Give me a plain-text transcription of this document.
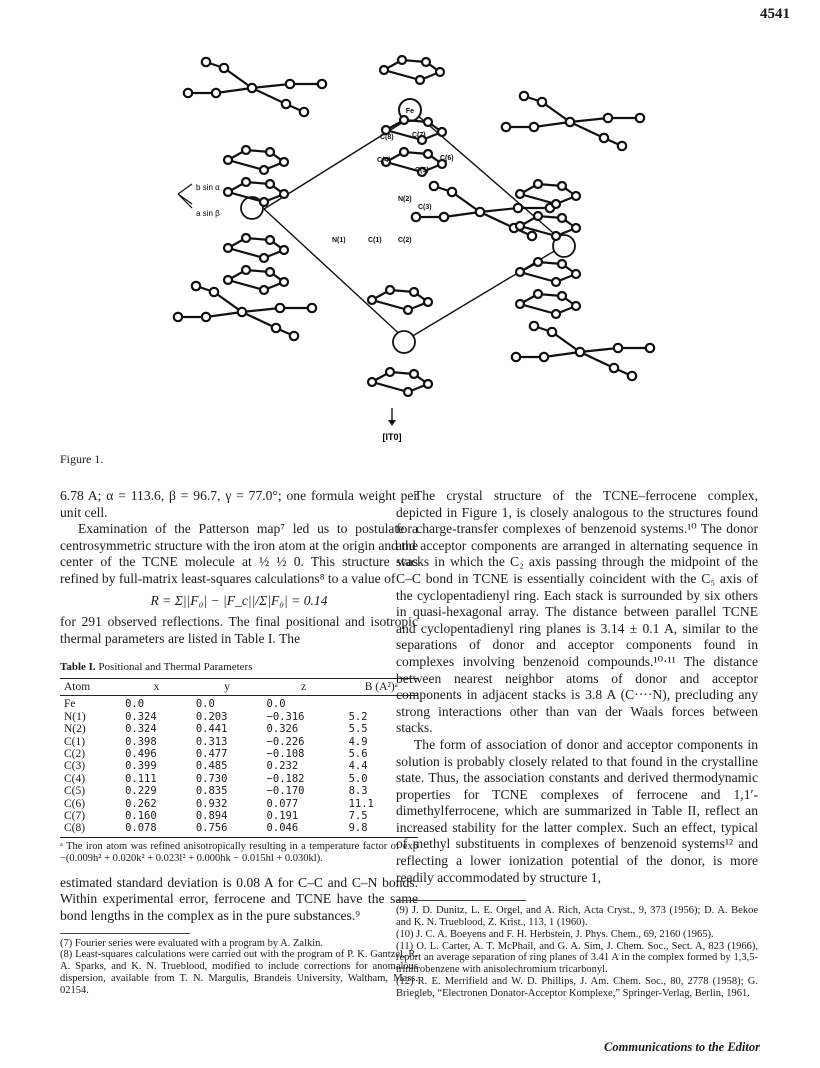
4541
Fe
C(8)	C(7)
C(4)	C(6)
C(5)
N(2)
C(3)
N(1)	C(1) C(2)
b sin α
a sin β
[IT0]
Figure 1.

6.78 A; α = 113.6, β = 96.7, γ = 77.0°; one formula weight per unit cell.

Examination of the Patterson map⁷ led us to postulate a centrosymmetric structure with the iron atom at the origin and the center of the TCNE molecule at ½ ½ 0. This structure was refined by full-matrix least-squares calculations⁸ to a value of

R = Σ||F₀| − |F_c||/Σ|F₀| = 0.14

for 291 observed reflections. The final positional and isotropic thermal parameters are listed in Table I. The

Table I. Positional and Thermal Parameters
Atom	x	y	z	B (A²)ᵃ
Fe	0.0	0.0	0.0	
N(1)	0.324	0.203	−0.316	5.2
N(2)	0.324	0.441	0.326	5.5
C(1)	0.398	0.313	−0.226	4.9
C(2)	0.496	0.477	−0.108	5.6
C(3)	0.399	0.485	0.232	4.4
C(4)	0.111	0.730	−0.182	5.0
C(5)	0.229	0.835	−0.170	8.3
C(6)	0.262	0.932	0.077	11.1
C(7)	0.160	0.894	0.191	7.5
C(8)	0.078	0.756	0.046	9.8

ᵃ The iron atom was refined anisotropically resulting in a temperature factor of exp −(0.009h² + 0.020k² + 0.023l² + 0.000hk − 0.015hl + 0.030kl).

estimated standard deviation is 0.08 A for C–C and C–N bonds. Within experimental error, ferrocene and TCNE have the same bond lengths in the complex as in the pure substances.⁹

(7) Fourier series were evaluated with a program by A. Zalkin.

(8) Least-squares calculations were carried out with the program of P. K. Gantzel, R. A. Sparks, and K. N. Trueblood, modified to include corrections for anomalous dispersion, available from T. N. Margulis, Brandeis University, Waltham, Mass. 02154.

The crystal structure of the TCNE–ferrocene complex, depicted in Figure 1, is closely analogous to the structures found for charge-transfer complexes of benzenoid systems.¹⁰ The donor and acceptor components are arranged in alternating sequence in stacks in which the C₂ axis passing through the midpoint of the C–C bond in TCNE is essentially coincident with the C₅ axis of the cyclopentadienyl ring. Each stack is surrounded by six others in quasi-hexagonal array. The distance between parallel TCNE and cyclopentadienyl ring planes is 3.14 ± 0.1 A, similar to the separations of donor and acceptor components found in complexes involving benzenoid compounds.¹⁰·¹¹ The distance between nearest neighbor atoms of donor and acceptor components in adjacent stacks is 3.8 A (C····N), precluding any strong interactions other than van der Waals forces between stacks.

The form of association of donor and acceptor components in solution is probably closely related to that found in the crystalline state. Thus, the association constants and derived thermodynamic properties for TCNE complexes of ferrocene and 1,1′-dimethylferrocene, which are summarized in Table II, reflect an increased stability for the latter complex. Such an effect, typical of methyl substituents in complexes of benzenoid systems¹² and reflecting a lower ionization potential of the donor, is more readily accommodated by structure 1,

(9) J. D. Dunitz, L. E. Orgel, and A. Rich, Acta Cryst., 9, 373 (1956); D. A. Bekoe and K. N. Trueblood, Z. Krist., 113, 1 (1960).

(10) J. C. A. Boeyens and F. H. Herbstein, J. Phys. Chem., 69, 2160 (1965).

(11) O. L. Carter, A. T. McPhail, and G. A. Sim, J. Chem. Soc., Sect. A, 823 (1966), report an average separation of ring planes of 3.41 A in the complex formed by 1,3,5-trinitrobenzene with anisolechromium tricarbonyl.

(12) R. E. Merrifield and W. D. Phillips, J. Am. Chem. Soc., 80, 2778 (1958); G. Briegleb, “Electronen Donator-Acceptor Komplexe,” Springer-Verlag, Berlin, 1961.

Communications to the Editor
